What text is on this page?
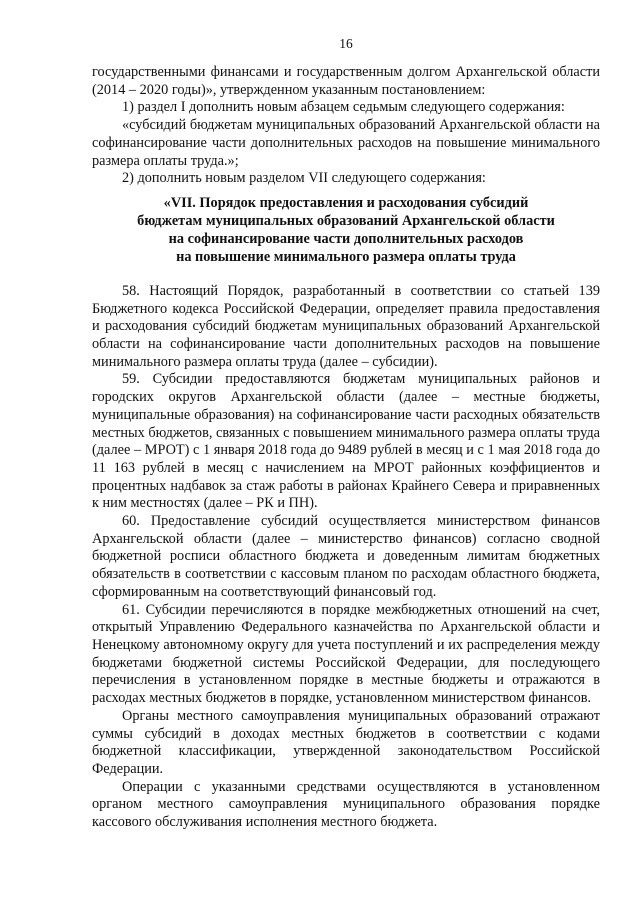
16

государственными финансами и государственным долгом Архангельской области (2014 – 2020 годы)», утвержденном указанным постановлением:

1) раздел I дополнить новым абзацем седьмым следующего содержания:

«субсидий бюджетам муниципальных образований Архангельской области на софинансирование части дополнительных расходов на повышение минимального размера оплаты труда.»;

2) дополнить новым разделом VII следующего содержания:

«VII. Порядок предоставления и расходования субсидий
бюджетам муниципальных образований Архангельской области
на софинансирование части дополнительных расходов
на повышение минимального размера оплаты труда

58. Настоящий Порядок, разработанный в соответствии со статьей 139 Бюджетного кодекса Российской Федерации, определяет правила предоставления и расходования субсидий бюджетам муниципальных образований Архангельской области на софинансирование части дополнительных расходов на повышение минимального размера оплаты труда (далее – субсидии).

59. Субсидии предоставляются бюджетам муниципальных районов и городских округов Архангельской области (далее – местные бюджеты, муниципальные образования) на софинансирование части расходных обязательств местных бюджетов, связанных с повышением минимального размера оплаты труда (далее – МРОТ) с 1 января 2018 года до 9489 рублей в месяц и с 1 мая 2018 года до 11 163 рублей в месяц с начислением на МРОТ районных коэффициентов и процентных надбавок за стаж работы в районах Крайнего Севера и приравненных к ним местностях (далее – РК и ПН).

60. Предоставление субсидий осуществляется министерством финансов Архангельской области (далее – министерство финансов) согласно сводной бюджетной росписи областного бюджета и доведенным лимитам бюджетных обязательств в соответствии с кассовым планом по расходам областного бюджета, сформированным на соответствующий финансовый год.

61. Субсидии перечисляются в порядке межбюджетных отношений на счет, открытый Управлению Федерального казначейства по Архангельской области и Ненецкому автономному округу для учета поступлений и их распределения между бюджетами бюджетной системы Российской Федерации, для последующего перечисления в установленном порядке в местные бюджеты и отражаются в расходах местных бюджетов в порядке, установленном министерством финансов.

Органы местного самоуправления муниципальных образований отражают суммы субсидий в доходах местных бюджетов в соответствии с кодами бюджетной классификации, утвержденной законодательством Российской Федерации.

Операции с указанными средствами осуществляются в установленном органом местного самоуправления муниципального образования порядке кассового обслуживания исполнения местного бюджета.
